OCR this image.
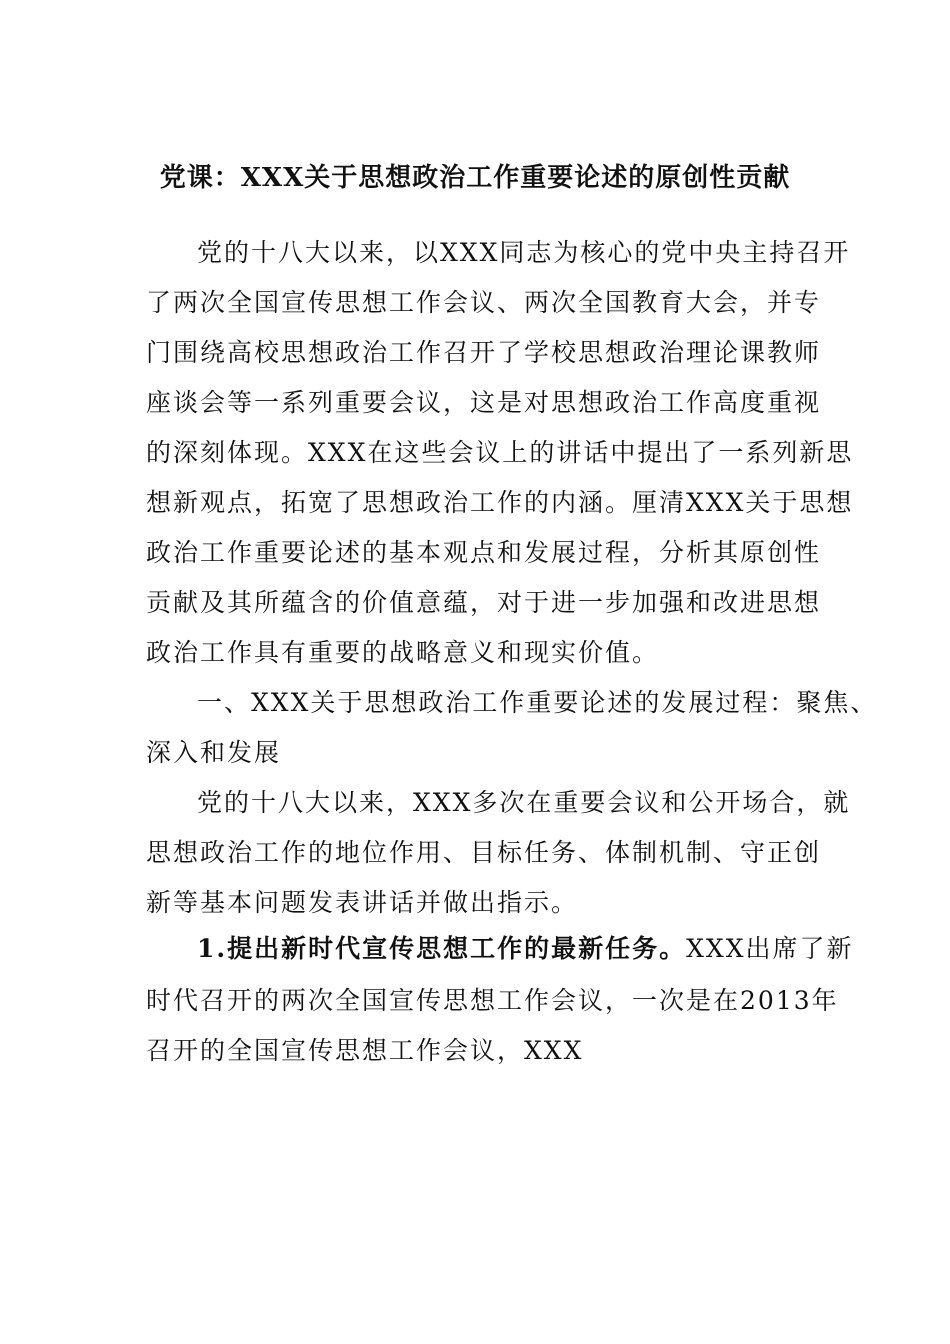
党课：XXX关于思想政治工作重要论述的原创性贡献
党的十八大以来，以XXX同志为核心的党中央主持召开
了两次全国宣传思想工作会议、两次全国教育大会，并专
门围绕高校思想政治工作召开了学校思想政治理论课教师
座谈会等一系列重要会议，这是对思想政治工作高度重视
的深刻体现。XXX在这些会议上的讲话中提出了一系列新思
想新观点，拓宽了思想政治工作的内涵。厘清XXX关于思想
政治工作重要论述的基本观点和发展过程，分析其原创性
贡献及其所蕴含的价值意蕴，对于进一步加强和改进思想
政治工作具有重要的战略意义和现实价值。
一、XXX关于思想政治工作重要论述的发展过程：聚焦、
深入和发展
党的十八大以来，XXX多次在重要会议和公开场合，就
思想政治工作的地位作用、目标任务、体制机制、守正创
新等基本问题发表讲话并做出指示。
1.提出新时代宣传思想工作的最新任务。XXX出席了新
时代召开的两次全国宣传思想工作会议，一次是在2013年
召开的全国宣传思想工作会议，XXX
